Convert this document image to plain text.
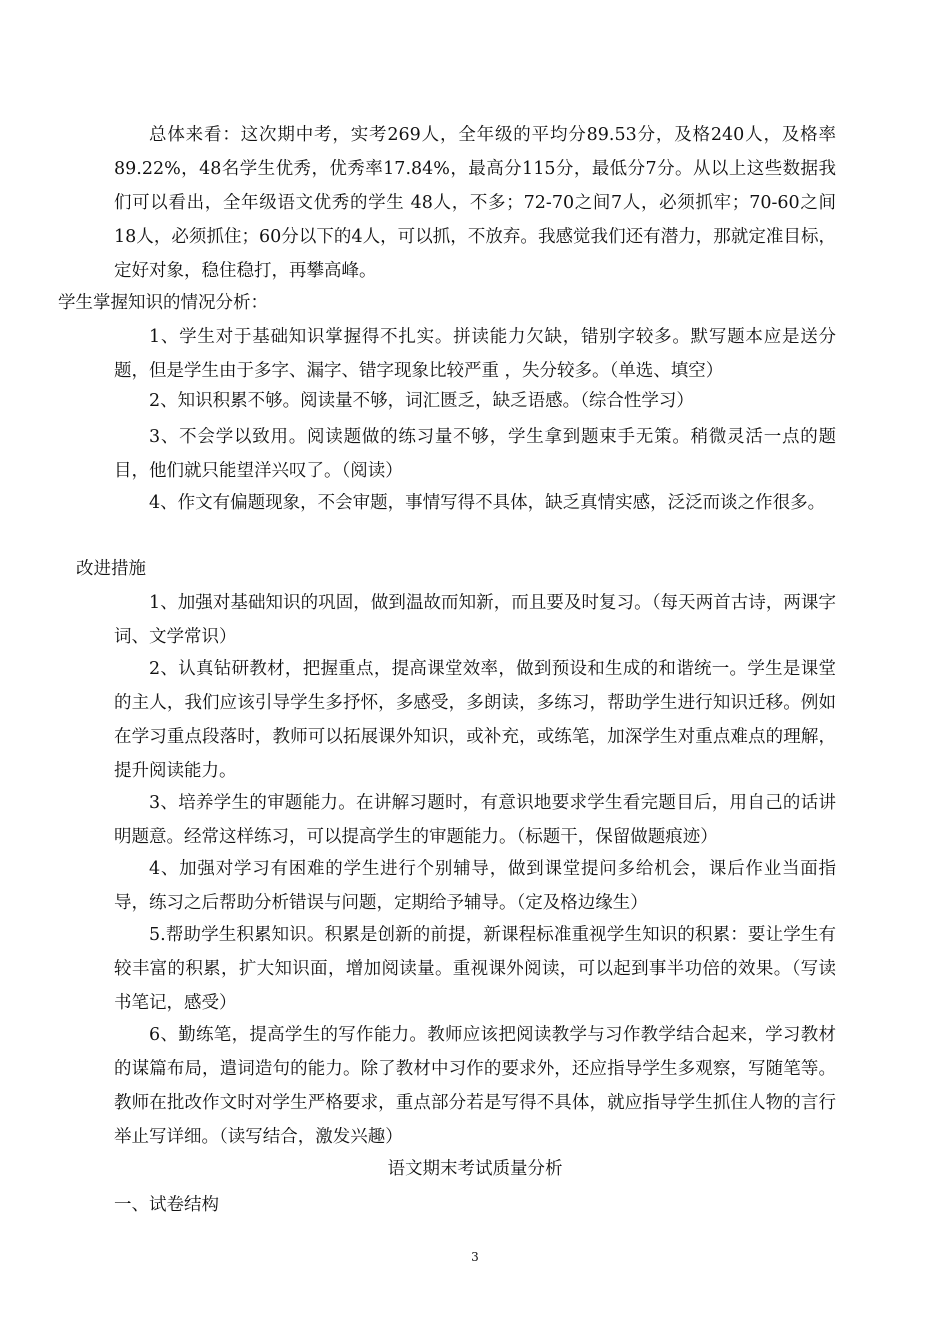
总体来看：这次期中考，实考269人，全年级的平均分89.53分，及格240人，及格率89.22%，48名学生优秀，优秀率17.84%，最高分115分，最低分7分。从以上这些数据我们可以看出，全年级语文优秀的学生 48人，不多；72-70之间7人，必须抓牢；70-60之间18人，必须抓住；60分以下的4人，可以抓，不放弃。我感觉我们还有潜力，那就定准目标，定好对象，稳住稳打，再攀高峰。

学生掌握知识的情况分析：

1、学生对于基础知识掌握得不扎实。拼读能力欠缺，错别字较多。默写题本应是送分题，但是学生由于多字、漏字、错字现象比较严重 ，失分较多。（单选、填空）

2、知识积累不够。阅读量不够，词汇匮乏，缺乏语感。（综合性学习）

3、不会学以致用。阅读题做的练习量不够，学生拿到题束手无策。稍微灵活一点的题目，他们就只能望洋兴叹了。（阅读）

4、作文有偏题现象，不会审题，事情写得不具体，缺乏真情实感，泛泛而谈之作很多。

改进措施

1、加强对基础知识的巩固，做到温故而知新，而且要及时复习。（每天两首古诗，两课字词、文学常识）

2、认真钻研教材，把握重点，提高课堂效率，做到预设和生成的和谐统一。学生是课堂的主人，我们应该引导学生多抒怀，多感受，多朗读，多练习，帮助学生进行知识迁移。例如在学习重点段落时，教师可以拓展课外知识，或补充，或练笔，加深学生对重点难点的理解，提升阅读能力。

3、培养学生的审题能力。在讲解习题时，有意识地要求学生看完题目后，用自己的话讲明题意。经常这样练习，可以提高学生的审题能力。（标题干，保留做题痕迹）

4、加强对学习有困难的学生进行个别辅导，做到课堂提问多给机会，课后作业当面指导，练习之后帮助分析错误与问题，定期给予辅导。（定及格边缘生）

5.帮助学生积累知识。积累是创新的前提，新课程标准重视学生知识的积累：要让学生有较丰富的积累，扩大知识面，增加阅读量。重视课外阅读，可以起到事半功倍的效果。（写读书笔记，感受）

6、勤练笔，提高学生的写作能力。教师应该把阅读教学与习作教学结合起来，学习教材的谋篇布局，遣词造句的能力。除了教材中习作的要求外，还应指导学生多观察，写随笔等。教师在批改作文时对学生严格要求，重点部分若是写得不具体，就应指导学生抓住人物的言行举止写详细。（读写结合，激发兴趣）

语文期末考试质量分析

一、试卷结构

3
